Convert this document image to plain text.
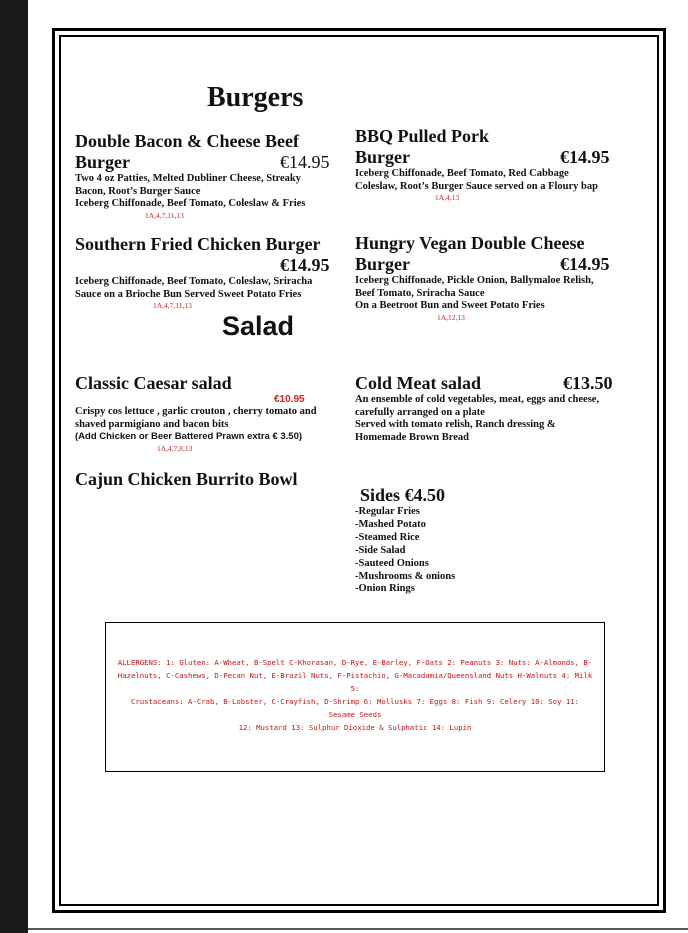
Burgers
Double Bacon & Cheese Beef
Burger	€14.95
Two 4 oz Patties, Melted Dubliner Cheese, Streaky
Bacon, Root’s Burger Sauce
Iceberg Chiffonade, Beef Tomato, Coleslaw & Fries
1A,4,7,11,13
BBQ Pulled Pork
Burger	€14.95
Iceberg Chiffonade, Beef Tomato, Red Cabbage
Coleslaw, Root’s Burger Sauce served on a Floury bap
1A,4,13
Southern Fried Chicken Burger
€14.95
Iceberg Chiffonade, Beef Tomato, Coleslaw, Sriracha
Sauce on a Brioche Bun Served Sweet Potato Fries
1A,4,7,11,13
Hungry Vegan Double Cheese
Burger	€14.95
Iceberg Chiffonade, Pickle Onion, Ballymaloe Relish,
Beef Tomato, Sriracha Sauce
On a Beetroot Bun and Sweet Potato Fries
1A,12,13
Salad
Classic Caesar salad
€10.95
Crispy cos lettuce , garlic crouton , cherry tomato and
shaved parmigiano and bacon bits
(Add Chicken or Beer Battered Prawn extra € 3.50)
1A,4,7,8,13
Cold Meat salad	€13.50
An ensemble of cold vegetables, meat, eggs and cheese,
carefully arranged on a plate
Served with tomato relish, Ranch dressing &
Homemade Brown Bread
Cajun Chicken Burrito Bowl
Sides €4.50
-Regular Fries
-Mashed Potato
-Steamed Rice
-Side Salad
-Sauteed Onions
-Mushrooms & onions
-Onion Rings
ALLERGENS: 1: Gluten: A-Wheat, B-Spelt C-Khorasan, D-Rye, E-Barley, F-Oats 2: Peanuts 3: Nuts: A-Almonds, B-
Hazelnuts, C-Cashews, D-Pecan Nut, E-Brazil Nuts, F-Pistachio, G-Macadamia/Queensland Nuts H-Walnuts 4: Milk 5:
Crustaceans: A-Crab, B-Lobster, C-Crayfish, D-Shrimp 6: Mollusks 7: Eggs 8: Fish 9: Celery 10: Soy 11: Sesame Seeds
12: Mustard 13: Sulphur Dioxide & Sulphatic 14: Lupin
